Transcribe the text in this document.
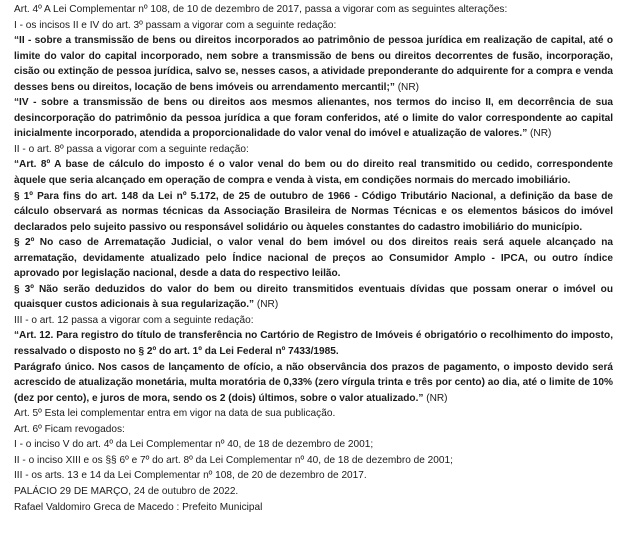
Art. 4º A Lei Complementar nº 108, de 10 de dezembro de 2017, passa a vigorar com as seguintes alterações:

I - os incisos II e IV do art. 3º passam a vigorar com a seguinte redação:

“II - sobre a transmissão de bens ou direitos incorporados ao patrimônio de pessoa jurídica em realização de capital, até o limite do valor do capital incorporado, nem sobre a transmissão de bens ou direitos decorrentes de fusão, incorporação, cisão ou extinção de pessoa jurídica, salvo se, nesses casos, a atividade preponderante do adquirente for a compra e venda desses bens ou direitos, locação de bens imóveis ou arrendamento mercantil;” (NR)

“IV - sobre a transmissão de bens ou direitos aos mesmos alienantes, nos termos do inciso II, em decorrência de sua desincorporação do patrimônio da pessoa jurídica a que foram conferidos, até o limite do valor correspondente ao capital inicialmente incorporado, atendida a proporcionalidade do valor venal do imóvel e atualização de valores.” (NR)

II - o art. 8º passa a vigorar com a seguinte redação:

“Art. 8º A base de cálculo do imposto é o valor venal do bem ou do direito real transmitido ou cedido, correspondente àquele que seria alcançado em operação de compra e venda à vista, em condições normais do mercado imobiliário.

§ 1º Para fins do art. 148 da Lei nº 5.172, de 25 de outubro de 1966 - Código Tributário Nacional, a definição da base de cálculo observará as normas técnicas da Associação Brasileira de Normas Técnicas e os elementos básicos do imóvel declarados pelo sujeito passivo ou responsável solidário ou àqueles constantes do cadastro imobiliário do município.

§ 2º No caso de Arrematação Judicial, o valor venal do bem imóvel ou dos direitos reais será aquele alcançado na arrematação, devidamente atualizado pelo Índice nacional de preços ao Consumidor Amplo - IPCA, ou outro índice aprovado por legislação nacional, desde a data do respectivo leilão.

§ 3º Não serão deduzidos do valor do bem ou direito transmitidos eventuais dívidas que possam onerar o imóvel ou quaisquer custos adicionais à sua regularização.” (NR)

III - o art. 12 passa a vigorar com a seguinte redação:

“Art. 12. Para registro do título de transferência no Cartório de Registro de Imóveis é obrigatório o recolhimento do imposto, ressalvado o disposto no § 2º do art. 1º da Lei Federal nº 7433/1985.

Parágrafo único. Nos casos de lançamento de ofício, a não observância dos prazos de pagamento, o imposto devido será acrescido de atualização monetária, multa moratória de 0,33% (zero vírgula trinta e três por cento) ao dia, até o limite de 10% (dez por cento), e juros de mora, sendo os 2 (dois) últimos, sobre o valor atualizado.” (NR)

Art. 5º Esta lei complementar entra em vigor na data de sua publicação.

Art. 6º Ficam revogados:

I - o inciso V do art. 4º da Lei Complementar nº 40, de 18 de dezembro de 2001;

II - o inciso XIII e os §§ 6º e 7º do art. 8º da Lei Complementar nº 40, de 18 de dezembro de 2001;

III - os arts. 13 e 14 da Lei Complementar nº 108, de 20 de dezembro de 2017.

PALÁCIO 29 DE MARÇO, 24 de outubro de 2022.

Rafael Valdomiro Greca de Macedo : Prefeito Municipal
